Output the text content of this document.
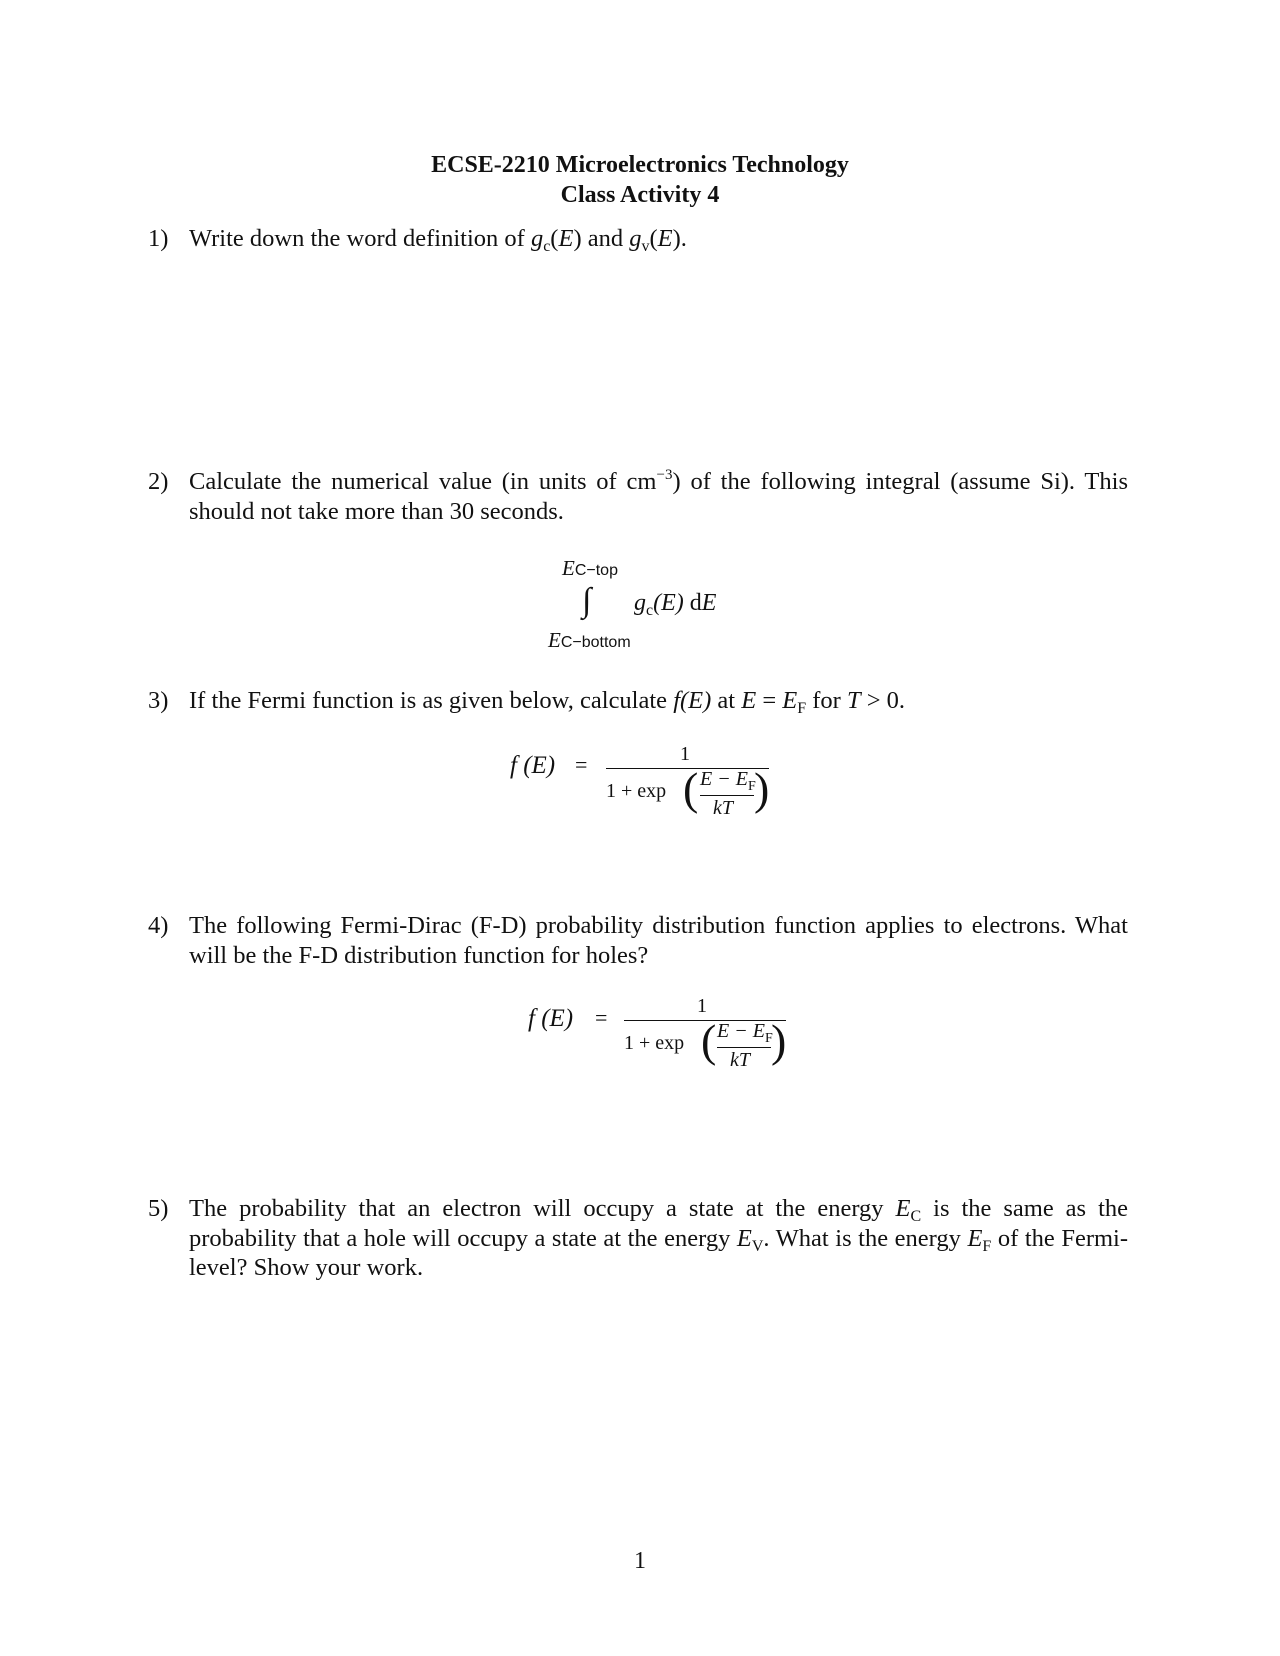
ECSE-2210 Microelectronics Technology
Class Activity 4
1) Write down the word definition of $g_c(E)$ and $g_v(E)$.
2) Calculate the numerical value (in units of $cm^{-3}$) of the following integral (assume Si). This should not take more than 30 seconds.
EC−top
∫
EC−bottom
$g_c(E)$ dE
3) If the Fermi function is as given below, calculate f(E) at $E = E_F$ for T > 0.
f (E) =	1
1 + exp ( $E - E_F$
kT )
4) The following Fermi-Dirac (F-D) probability distribution function applies to electrons. What will be the F-D distribution function for holes?
f (E) =	1
1 + exp ( $E - E_F$
kT )
5) The probability that an electron will occupy a state at the energy $E_C$ is the same as the probability that a hole will occupy a state at the energy $E_V$. What is the energy $E_F$ of the Fermi-level? Show your work.
1
